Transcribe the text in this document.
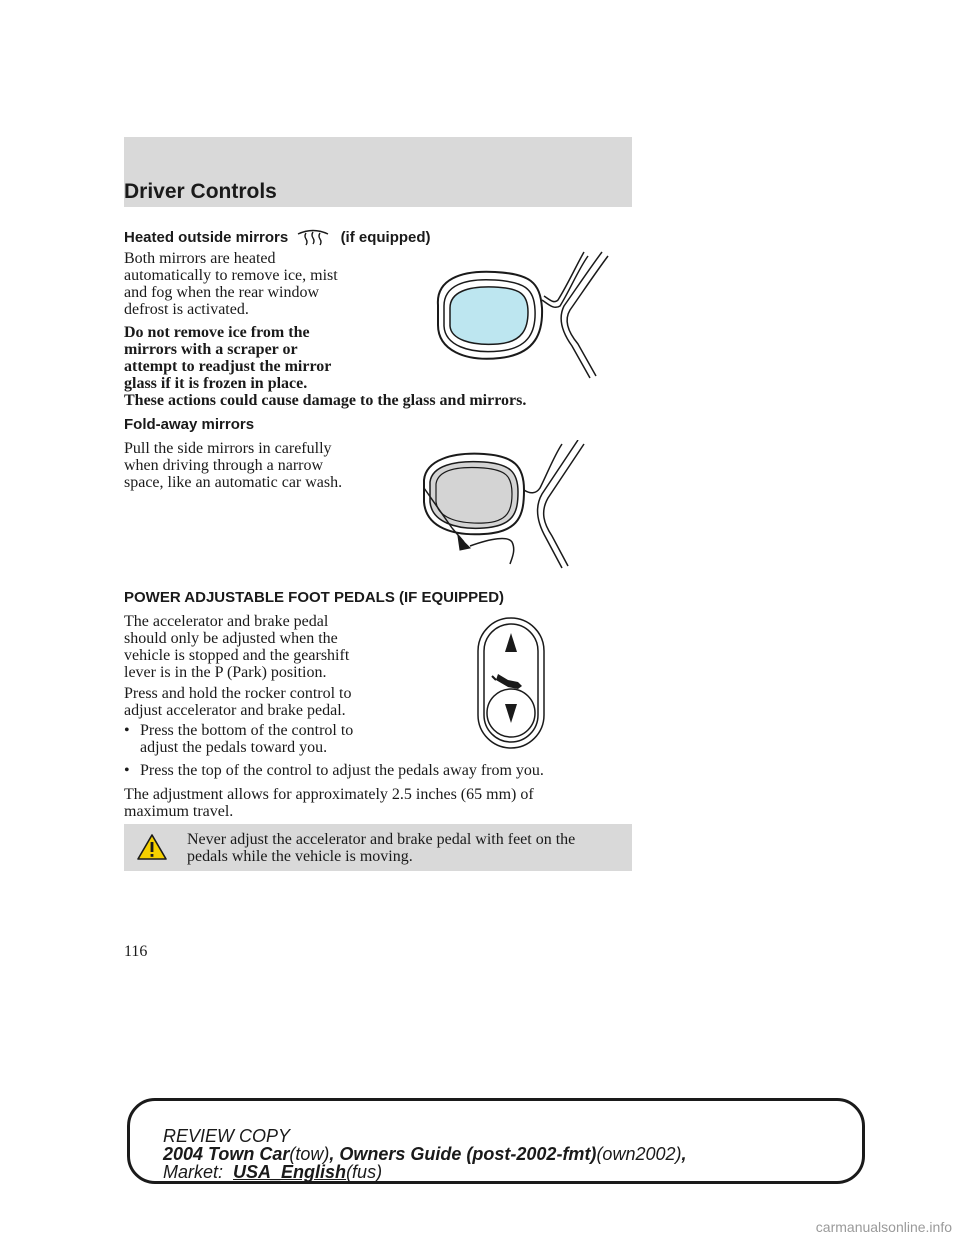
Driver Controls
Heated outside mirrors	(if equipped)
Both mirrors are heated
automatically to remove ice, mist
and fog when the rear window
defrost is activated.
Do not remove ice from the
mirrors with a scraper or
attempt to readjust the mirror
glass if it is frozen in place.
These actions could cause damage to the glass and mirrors.
Fold-away mirrors
Pull the side mirrors in carefully
when driving through a narrow
space, like an automatic car wash.
POWER ADJUSTABLE FOOT PEDALS (IF EQUIPPED)
The accelerator and brake pedal
should only be adjusted when the
vehicle is stopped and the gearshift
lever is in the P (Park) position.
Press and hold the rocker control to
adjust accelerator and brake pedal.
• Press the bottom of the control to
adjust the pedals toward you.
• Press the top of the control to adjust the pedals away from you.
The adjustment allows for approximately 2.5 inches (65 mm) of
maximum travel.
Never adjust the accelerator and brake pedal with feet on the
pedals while the vehicle is moving.
116
REVIEW COPY
2004 Town Car(tow), Owners Guide (post-2002-fmt)(own2002),
Market: USA_English(fus)
carmanualsonline.info
